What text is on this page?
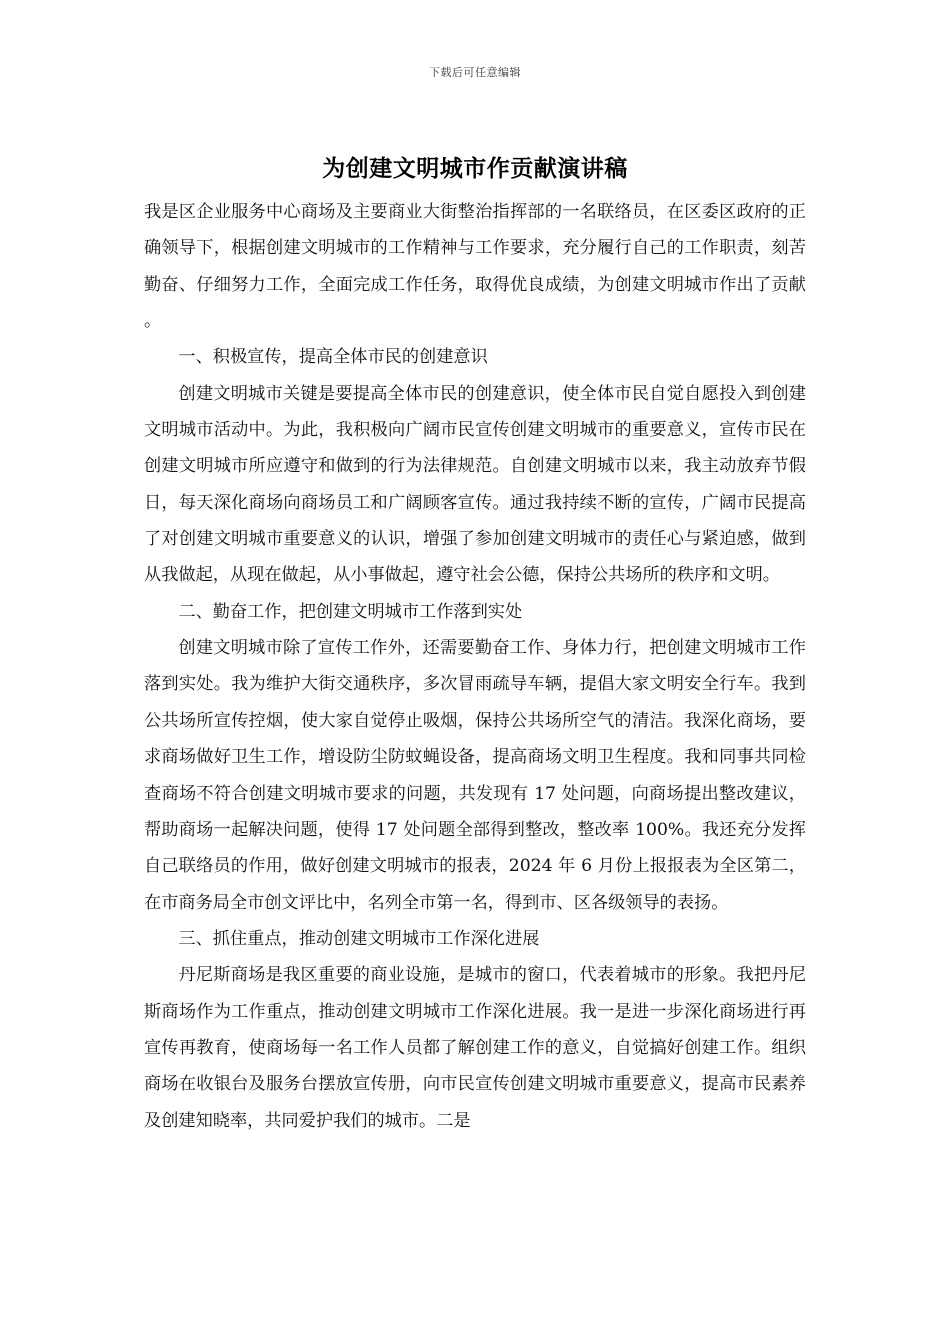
下载后可任意编辑
为创建文明城市作贡献演讲稿

我是区企业服务中心商场及主要商业大街整治指挥部的一名联络员，在区委区政府的正确领导下，根据创建文明城市的工作精神与工作要求，充分履行自己的工作职责，刻苦勤奋、仔细努力工作，全面完成工作任务，取得优良成绩，为创建文明城市作出了贡献。

一、积极宣传，提高全体市民的创建意识

创建文明城市关键是要提高全体市民的创建意识，使全体市民自觉自愿投入到创建文明城市活动中。为此，我积极向广阔市民宣传创建文明城市的重要意义，宣传市民在创建文明城市所应遵守和做到的行为法律规范。自创建文明城市以来，我主动放弃节假日，每天深化商场向商场员工和广阔顾客宣传。通过我持续不断的宣传，广阔市民提高了对创建文明城市重要意义的认识，增强了参加创建文明城市的责任心与紧迫感，做到从我做起，从现在做起，从小事做起，遵守社会公德，保持公共场所的秩序和文明。

二、勤奋工作，把创建文明城市工作落到实处

创建文明城市除了宣传工作外，还需要勤奋工作、身体力行，把创建文明城市工作落到实处。我为维护大街交通秩序，多次冒雨疏导车辆，提倡大家文明安全行车。我到公共场所宣传控烟，使大家自觉停止吸烟，保持公共场所空气的清洁。我深化商场，要求商场做好卫生工作，增设防尘防蚊蝇设备，提高商场文明卫生程度。我和同事共同检查商场不符合创建文明城市要求的问题，共发现有 17 处问题，向商场提出整改建议，帮助商场一起解决问题，使得 17 处问题全部得到整改，整改率 100%。我还充分发挥自己联络员的作用，做好创建文明城市的报表，2024 年 6 月份上报报表为全区第二，在市商务局全市创文评比中，名列全市第一名，得到市、区各级领导的表扬。

三、抓住重点，推动创建文明城市工作深化进展

丹尼斯商场是我区重要的商业设施，是城市的窗口，代表着城市的形象。我把丹尼斯商场作为工作重点，推动创建文明城市工作深化进展。我一是进一步深化商场进行再宣传再教育，使商场每一名工作人员都了解创建工作的意义，自觉搞好创建工作。组织商场在收银台及服务台摆放宣传册，向市民宣传创建文明城市重要意义，提高市民素养及创建知晓率，共同爱护我们的城市。二是
